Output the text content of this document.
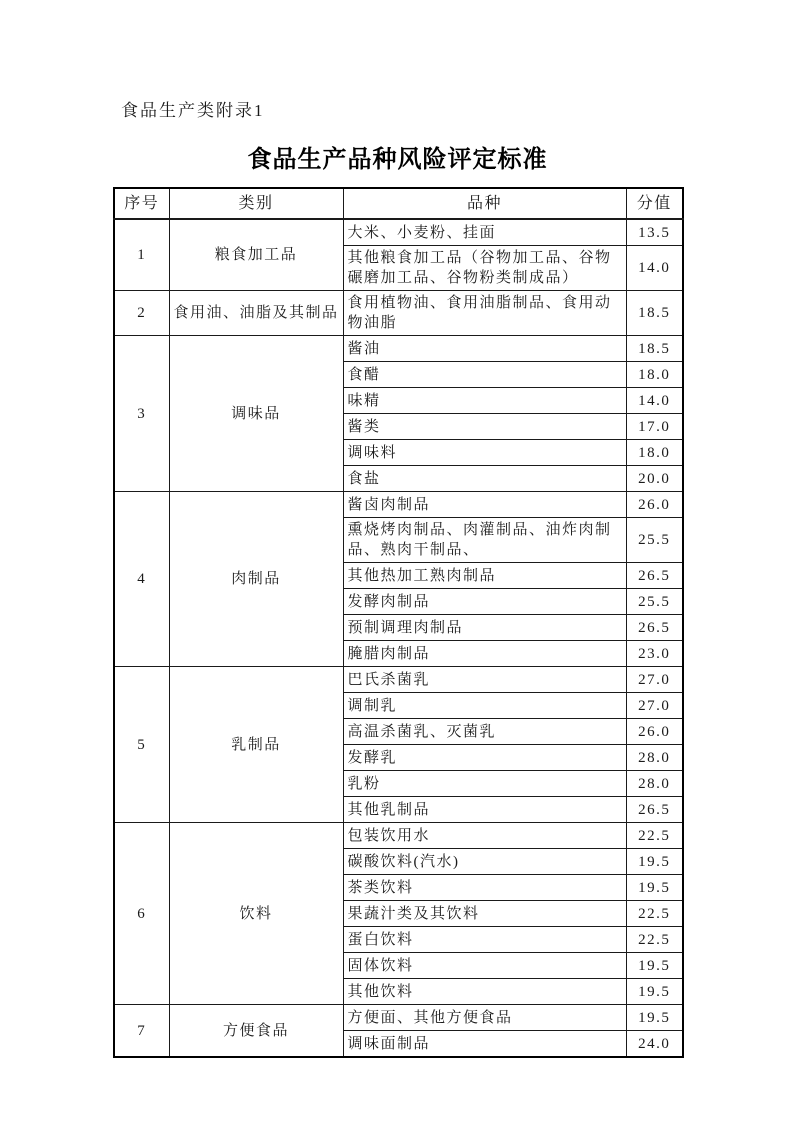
食品生产类附录1
食品生产品种风险评定标准
序号	类别	品种	分值
1	粮食加工品	大米、小麦粉、挂面	13.5
		其他粮食加工品（谷物加工品、谷物碾磨加工品、谷物粉类制成品）	14.0
2	食用油、油脂及其制品	食用植物油、食用油脂制品、食用动物油脂	18.5
3	调味品	酱油	18.5
		食醋	18.0
		味精	14.0
		酱类	17.0
		调味料	18.0
		食盐	20.0
4	肉制品	酱卤肉制品	26.0
		熏烧烤肉制品、肉灌制品、油炸肉制品、熟肉干制品、	25.5
		其他热加工熟肉制品	26.5
		发酵肉制品	25.5
		预制调理肉制品	26.5
		腌腊肉制品	23.0
5	乳制品	巴氏杀菌乳	27.0
		调制乳	27.0
		高温杀菌乳、灭菌乳	26.0
		发酵乳	28.0
		乳粉	28.0
		其他乳制品	26.5
6	饮料	包装饮用水	22.5
		碳酸饮料(汽水)	19.5
		茶类饮料	19.5
		果蔬汁类及其饮料	22.5
		蛋白饮料	22.5
		固体饮料	19.5
		其他饮料	19.5
7	方便食品	方便面、其他方便食品	19.5
		调味面制品	24.0
